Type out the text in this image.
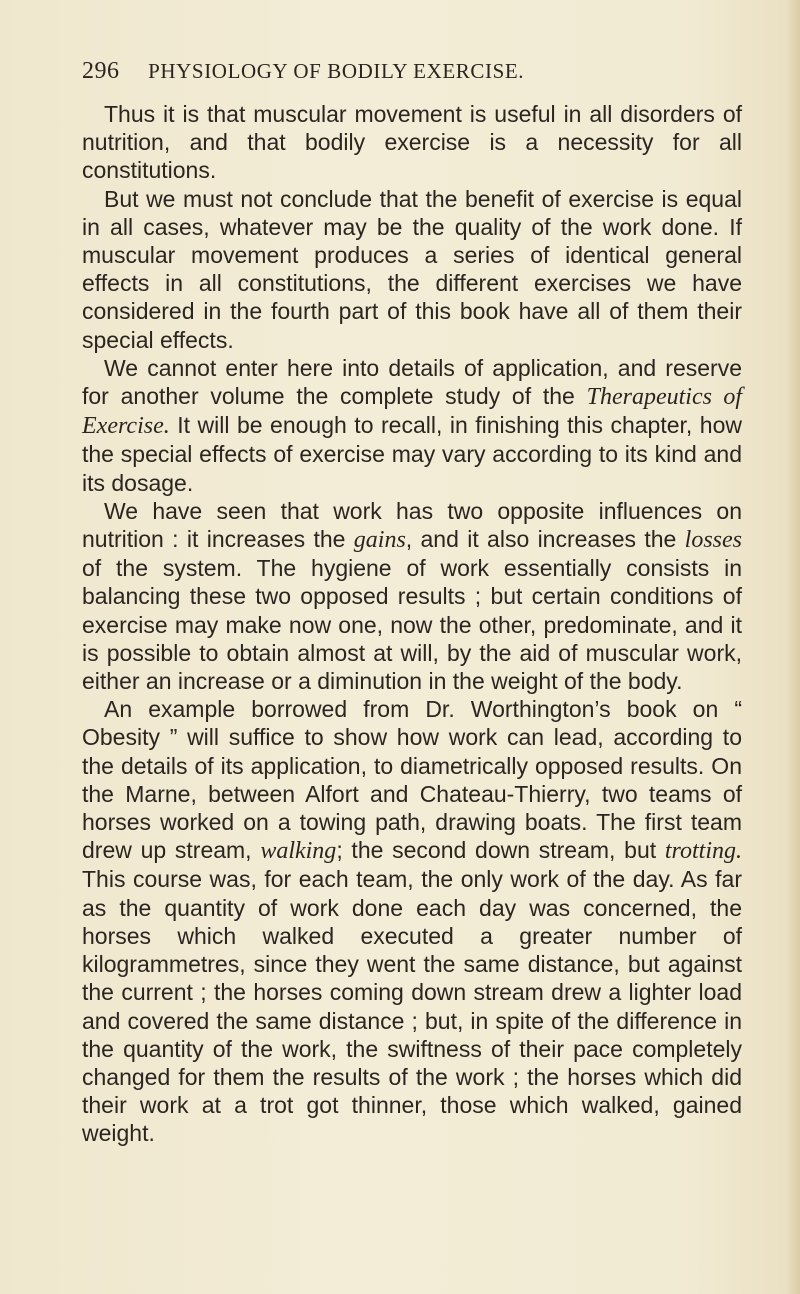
296 PHYSIOLOGY OF BODILY EXERCISE.

Thus it is that muscular movement is useful in all disorders of nutrition, and that bodily exercise is a necessity for all constitutions.

But we must not conclude that the benefit of exercise is equal in all cases, whatever may be the quality of the work done. If muscular movement produces a series of identical general effects in all constitutions, the different exercises we have considered in the fourth part of this book have all of them their special effects.

We cannot enter here into details of application, and reserve for another volume the complete study of the Therapeutics of Exercise. It will be enough to recall, in finishing this chapter, how the special effects of exercise may vary according to its kind and its dosage.

We have seen that work has two opposite influences on nutrition : it increases the gains, and it also increases the losses of the system. The hygiene of work essentially consists in balancing these two opposed results ; but certain conditions of exercise may make now one, now the other, predominate, and it is possible to obtain almost at will, by the aid of muscular work, either an increase or a diminution in the weight of the body.

An example borrowed from Dr. Worthington’s book on “ Obesity ” will suffice to show how work can lead, according to the details of its application, to diametrically opposed results. On the Marne, between Alfort and Chateau-Thierry, two teams of horses worked on a towing path, drawing boats. The first team drew up stream, walking; the second down stream, but trotting. This course was, for each team, the only work of the day. As far as the quantity of work done each day was concerned, the horses which walked executed a greater number of kilogrammetres, since they went the same distance, but against the current ; the horses coming down stream drew a lighter load and covered the same distance ; but, in spite of the difference in the quantity of the work, the swiftness of their pace completely changed for them the results of the work ; the horses which did their work at a trot got thinner, those which walked, gained weight.
